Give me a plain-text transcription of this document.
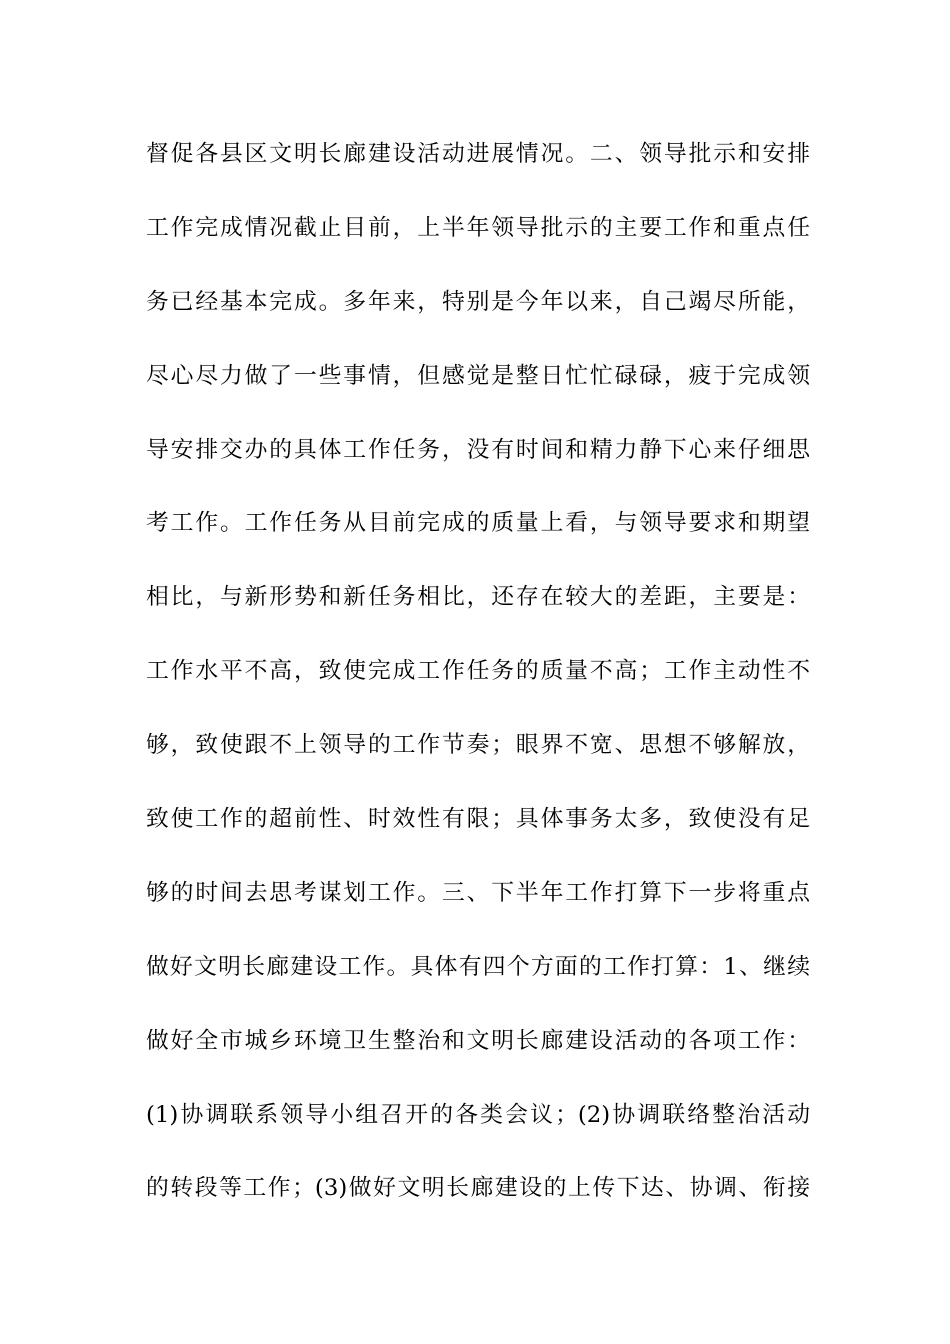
督促各县区文明长廊建设活动进展情况。二、领导批示和安排
工作完成情况截止目前，上半年领导批示的主要工作和重点任
务已经基本完成。多年来，特别是今年以来，自己竭尽所能，
尽心尽力做了一些事情，但感觉是整日忙忙碌碌，疲于完成领
导安排交办的具体工作任务，没有时间和精力静下心来仔细思
考工作。工作任务从目前完成的质量上看，与领导要求和期望
相比，与新形势和新任务相比，还存在较大的差距，主要是：
工作水平不高，致使完成工作任务的质量不高；工作主动性不
够，致使跟不上领导的工作节奏；眼界不宽、思想不够解放，
致使工作的超前性、时效性有限；具体事务太多，致使没有足
够的时间去思考谋划工作。三、下半年工作打算下一步将重点
做好文明长廊建设工作。具体有四个方面的工作打算：1、继续
做好全市城乡环境卫生整治和文明长廊建设活动的各项工作：
(1)协调联系领导小组召开的各类会议；(2)协调联络整治活动
的转段等工作；(3)做好文明长廊建设的上传下达、协调、衔接
